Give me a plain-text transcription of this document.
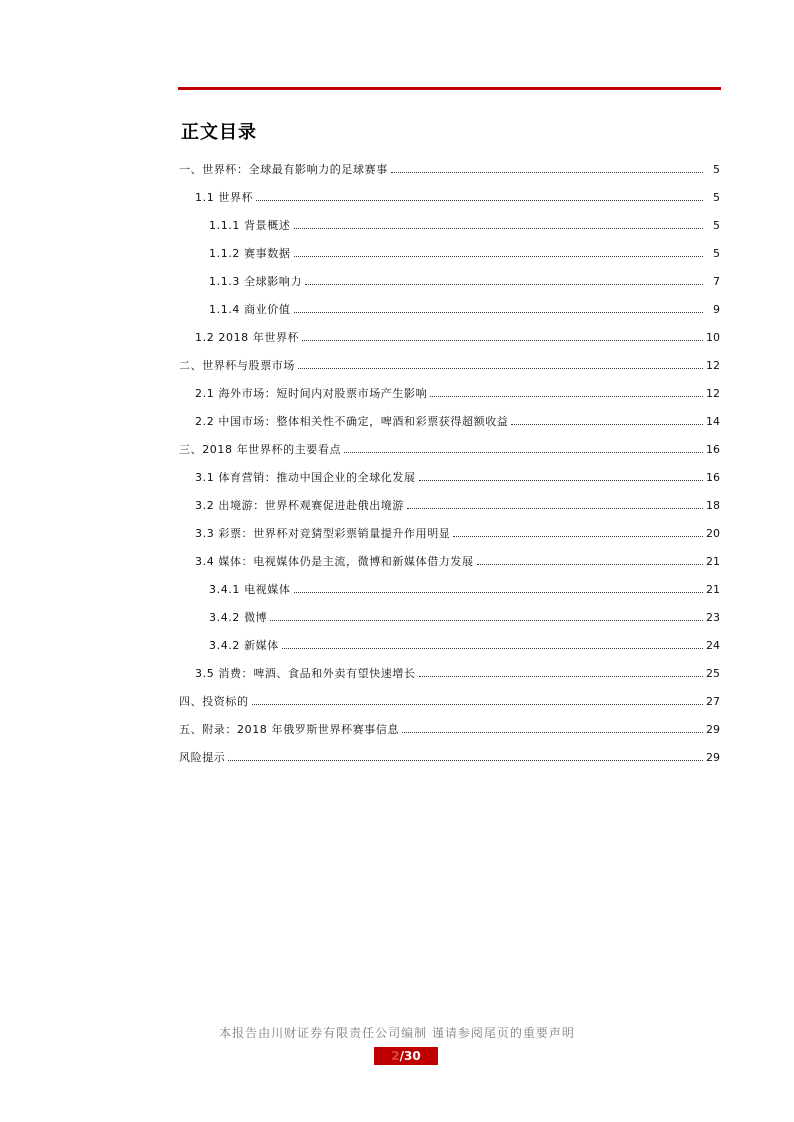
正文目录
一、世界杯：全球最有影响力的足球赛事	5
1.1 世界杯	5
1.1.1 背景概述	5
1.1.2 赛事数据	5
1.1.3 全球影响力	7
1.1.4 商业价值	9
1.2 2018 年世界杯	10
二、世界杯与股票市场	12
2.1 海外市场：短时间内对股票市场产生影响	12
2.2 中国市场：整体相关性不确定，啤酒和彩票获得超额收益	14
三、2018 年世界杯的主要看点	16
3.1 体育营销：推动中国企业的全球化发展	16
3.2 出境游：世界杯观赛促进赴俄出境游	18
3.3 彩票：世界杯对竞猜型彩票销量提升作用明显	20
3.4 媒体：电视媒体仍是主流，微博和新媒体借力发展	21
3.4.1 电视媒体	21
3.4.2 微博	23
3.4.2 新媒体	24
3.5 消费：啤酒、食品和外卖有望快速增长	25
四、投资标的	27
五、附录：2018 年俄罗斯世界杯赛事信息	29
风险提示	29
本报告由川财证券有限责任公司编制 谨请参阅尾页的重要声明
2 /30
